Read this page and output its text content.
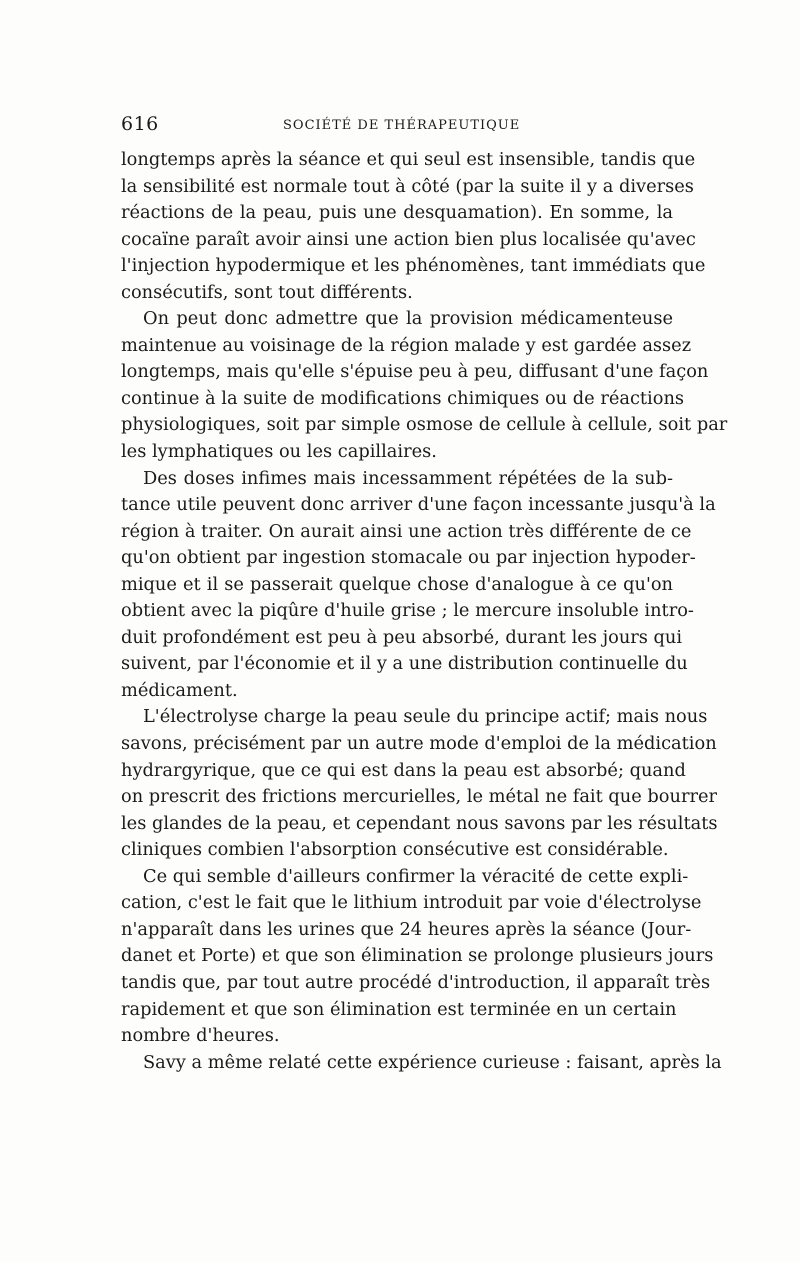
616	SOCIÉTÉ DE THÉRAPEUTIQUE
longtemps après la séance et qui seul est insensible, tandis que
la sensibilité est normale tout à côté (par la suite il y a diverses
réactions de la peau, puis une desquamation). En somme, la
cocaïne paraît avoir ainsi une action bien plus localisée qu'avec
l'injection hypodermique et les phénomènes, tant immédiats que
consécutifs, sont tout différents.
On peut donc admettre que la provision médicamenteuse
maintenue au voisinage de la région malade y est gardée assez
longtemps, mais qu'elle s'épuise peu à peu, diffusant d'une façon
continue à la suite de modifications chimiques ou de réactions
physiologiques, soit par simple osmose de cellule à cellule, soit par
les lymphatiques ou les capillaires.
Des doses infimes mais incessamment répétées de la sub-
tance utile peuvent donc arriver d'une façon incessante jusqu'à la
région à traiter. On aurait ainsi une action très différente de ce
qu'on obtient par ingestion stomacale ou par injection hypoder-
mique et il se passerait quelque chose d'analogue à ce qu'on
obtient avec la piqûre d'huile grise ; le mercure insoluble intro-
duit profondément est peu à peu absorbé, durant les jours qui
suivent, par l'économie et il y a une distribution continuelle du
médicament.
L'électrolyse charge la peau seule du principe actif; mais nous
savons, précisément par un autre mode d'emploi de la médication
hydrargyrique, que ce qui est dans la peau est absorbé; quand
on prescrit des frictions mercurielles, le métal ne fait que bourrer
les glandes de la peau, et cependant nous savons par les résultats
cliniques combien l'absorption consécutive est considérable.
Ce qui semble d'ailleurs confirmer la véracité de cette expli-
cation, c'est le fait que le lithium introduit par voie d'électrolyse
n'apparaît dans les urines que 24 heures après la séance (Jour-
danet et Porte) et que son élimination se prolonge plusieurs jours
tandis que, par tout autre procédé d'introduction, il apparaît très
rapidement et que son élimination est terminée en un certain
nombre d'heures.
Savy a même relaté cette expérience curieuse : faisant, après la
